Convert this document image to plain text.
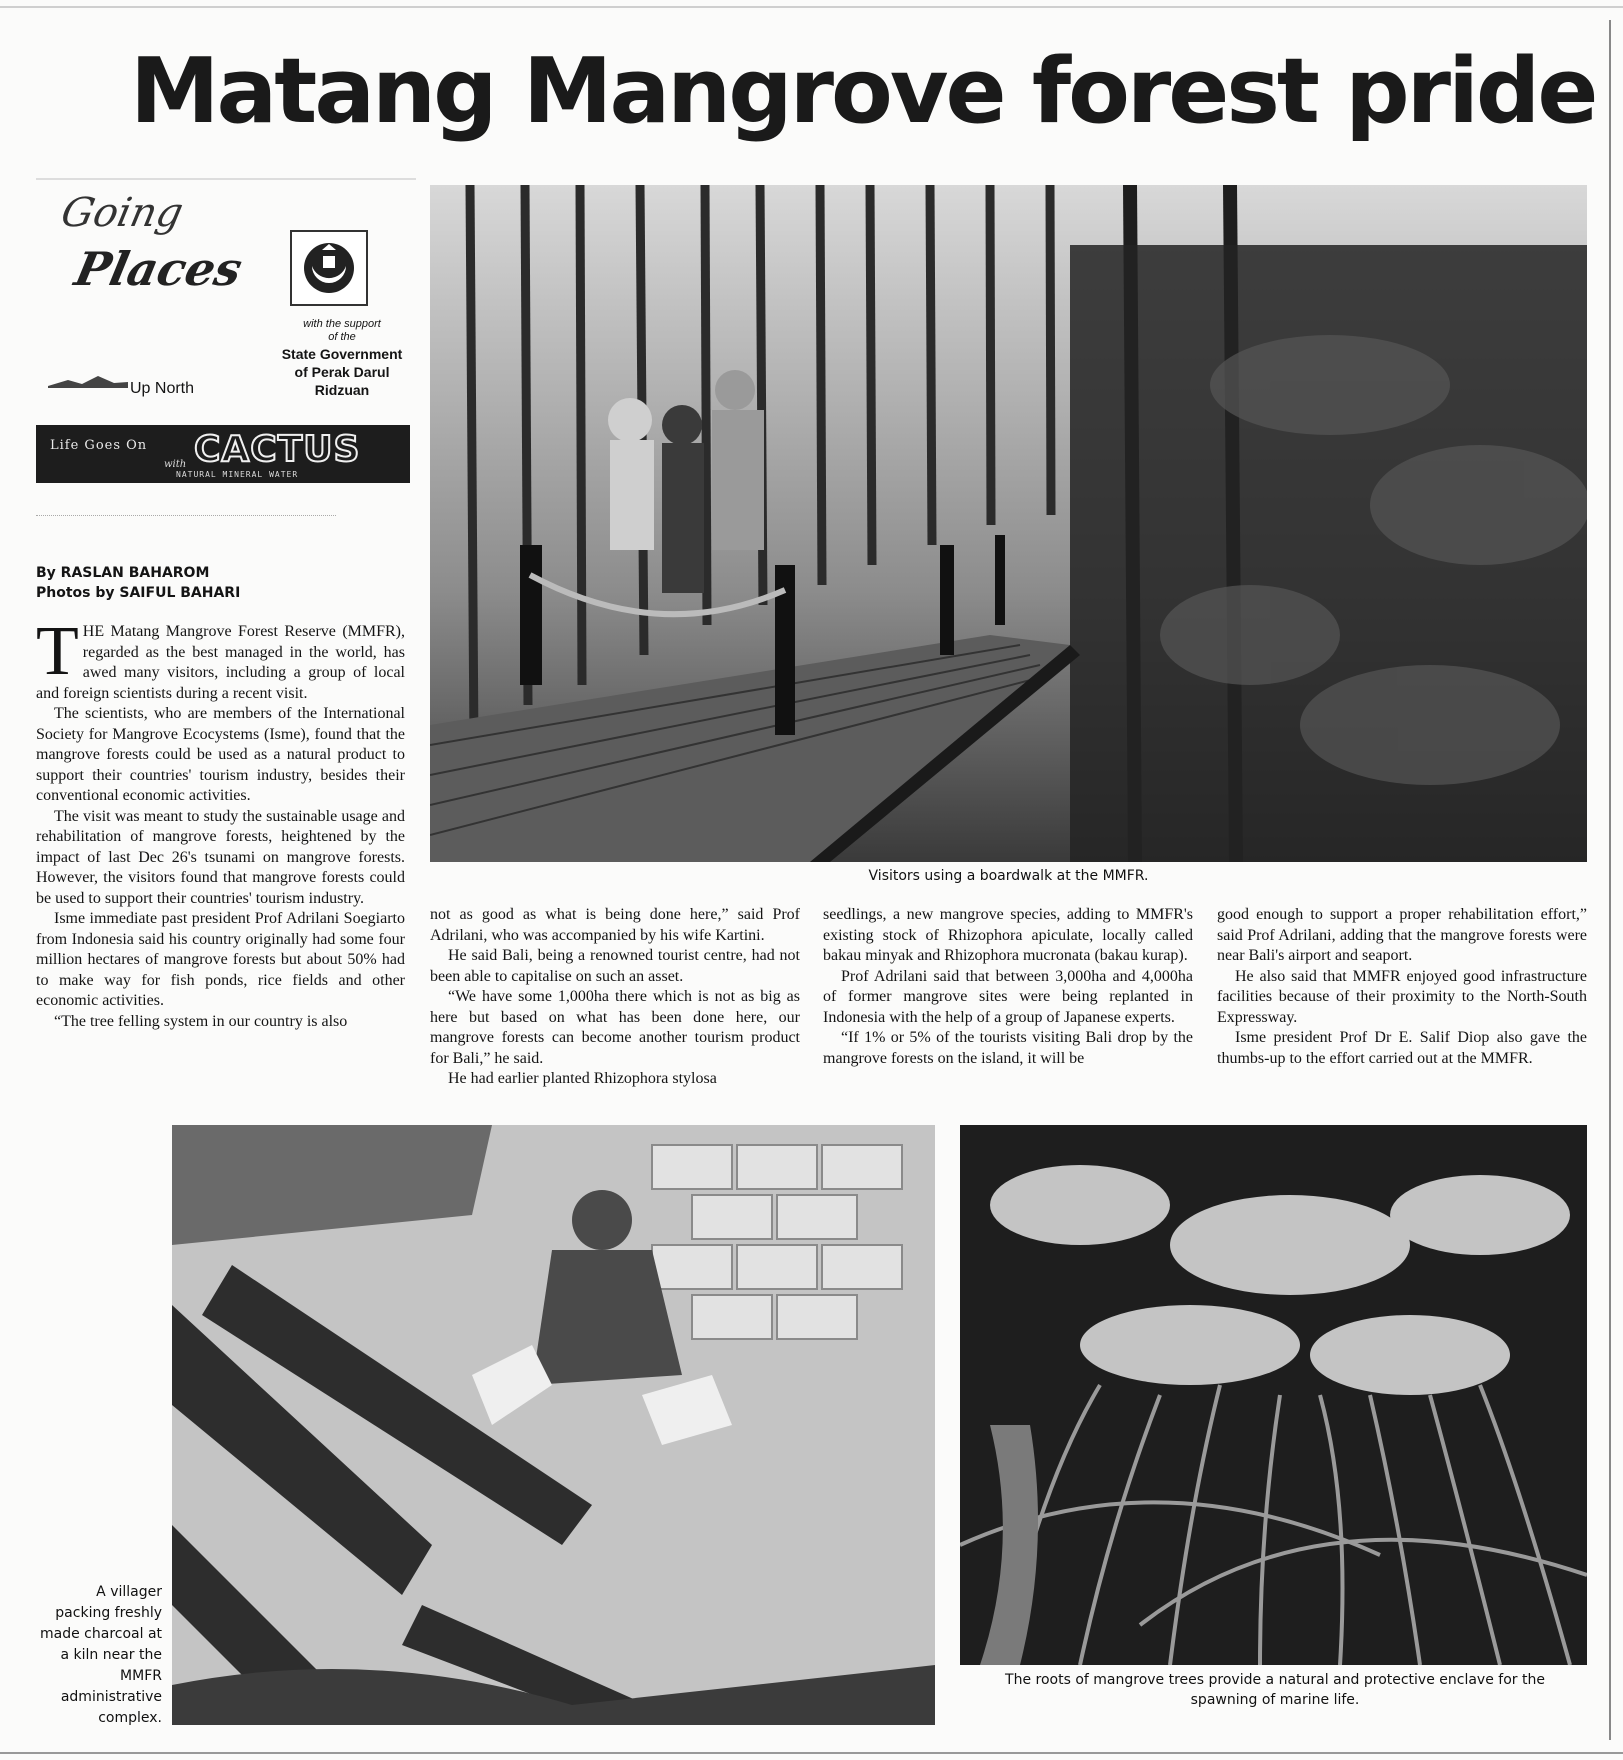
Matang Mangrove forest pride
Going
Places
Up North
with the support
of the
State Government
of Perak Darul
Ridzuan
Life Goes On
with CACTUS
NATURAL MINERAL WATER
By RASLAN BAHAROM
Photos by SAIFUL BAHARI

THE Matang Mangrove Forest Reserve (MMFR), regarded as the best managed in the world, has awed many visitors, including a group of local and foreign scientists during a recent visit.

The scientists, who are members of the International Society for Mangrove Ecocystems (Isme), found that the mangrove forests could be used as a natural product to support their countries' tourism industry, besides their conventional economic activities.

The visit was meant to study the sustainable usage and rehabilitation of mangrove forests, heightened by the impact of last Dec 26's tsunami on mangrove forests. However, the visitors found that mangrove forests could be used to support their countries' tourism industry.

Isme immediate past president Prof Adrilani Soegiarto from Indonesia said his country originally had some four million hectares of mangrove forests but about 50% had to make way for fish ponds, rice fields and other economic activities.

“The tree felling system in our country is also

not as good as what is being done here,” said Prof Adrilani, who was accompanied by his wife Kartini.

He said Bali, being a renowned tourist centre, had not been able to capitalise on such an asset.

“We have some 1,000ha there which is not as big as here but based on what has been done here, our mangrove forests can become another tourism product for Bali,” he said.

He had earlier planted Rhizophora stylosa

seedlings, a new mangrove species, adding to MMFR's existing stock of Rhizophora apiculate, locally called bakau minyak and Rhizophora mucronata (bakau kurap).

Prof Adrilani said that between 3,000ha and 4,000ha of former mangrove sites were being replanted in Indonesia with the help of a group of Japanese experts.

“If 1% or 5% of the tourists visiting Bali drop by the mangrove forests on the island, it will be

good enough to support a proper rehabilitation effort,” said Prof Adrilani, adding that the mangrove forests were near Bali's airport and seaport.

He also said that MMFR enjoyed good infrastructure facilities because of their proximity to the North-South Expressway.

Isme president Prof Dr E. Salif Diop also gave the thumbs-up to the effort carried out at the MMFR.

Visitors using a boardwalk at the MMFR.
A villager packing freshly made charcoal at a kiln near the MMFR administrative complex.
The roots of mangrove trees provide a natural and protective enclave for the spawning of marine life.
